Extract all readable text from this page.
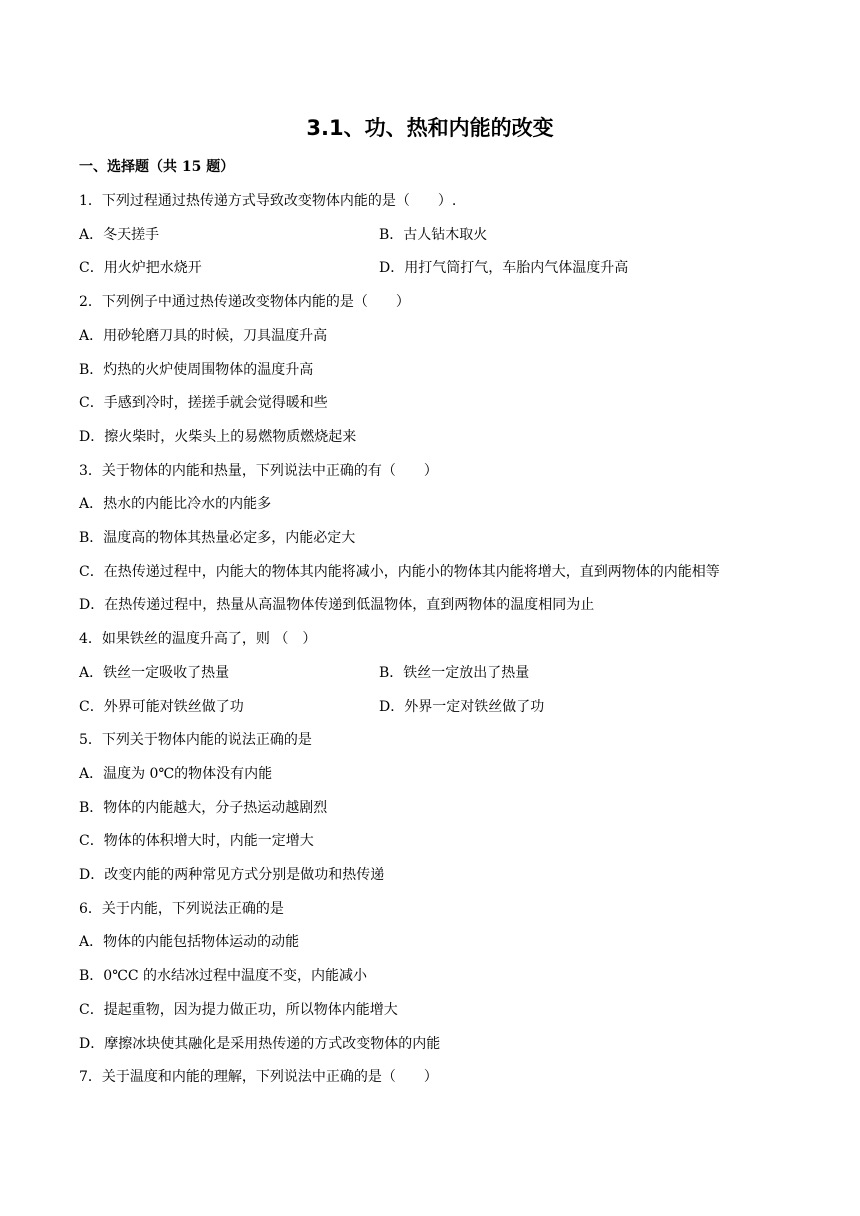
3.1、功、热和内能的改变
一、选择题（共 15 题）
1．下列过程通过热传递方式导致改变物体内能的是（　　）.
A．冬天搓手	B．古人钻木取火
C．用火炉把水烧开	D．用打气筒打气，车胎内气体温度升高
2．下列例子中通过热传递改变物体内能的是（　　）
A．用砂轮磨刀具的时候，刀具温度升高
B．灼热的火炉使周围物体的温度升高
C．手感到冷时，搓搓手就会觉得暖和些
D．擦火柴时，火柴头上的易燃物质燃烧起来
3．关于物体的内能和热量，下列说法中正确的有（　　）
A．热水的内能比冷水的内能多
B．温度高的物体其热量必定多，内能必定大
C．在热传递过程中，内能大的物体其内能将减小，内能小的物体其内能将增大，直到两物体的内能相等
D．在热传递过程中，热量从高温物体传递到低温物体，直到两物体的温度相同为止
4．如果铁丝的温度升高了，则 （　）
A．铁丝一定吸收了热量	B．铁丝一定放出了热量
C．外界可能对铁丝做了功	D．外界一定对铁丝做了功
5．下列关于物体内能的说法正确的是
A．温度为 0℃的物体没有内能
B．物体的内能越大，分子热运动越剧烈
C．物体的体积增大时，内能一定增大
D．改变内能的两种常见方式分别是做功和热传递
6．关于内能，下列说法正确的是
A．物体的内能包括物体运动的动能
B．0℃C 的水结冰过程中温度不变，内能减小
C．提起重物，因为提力做正功，所以物体内能增大
D．摩擦冰块使其融化是采用热传递的方式改变物体的内能
7．关于温度和内能的理解，下列说法中正确的是（　　）
